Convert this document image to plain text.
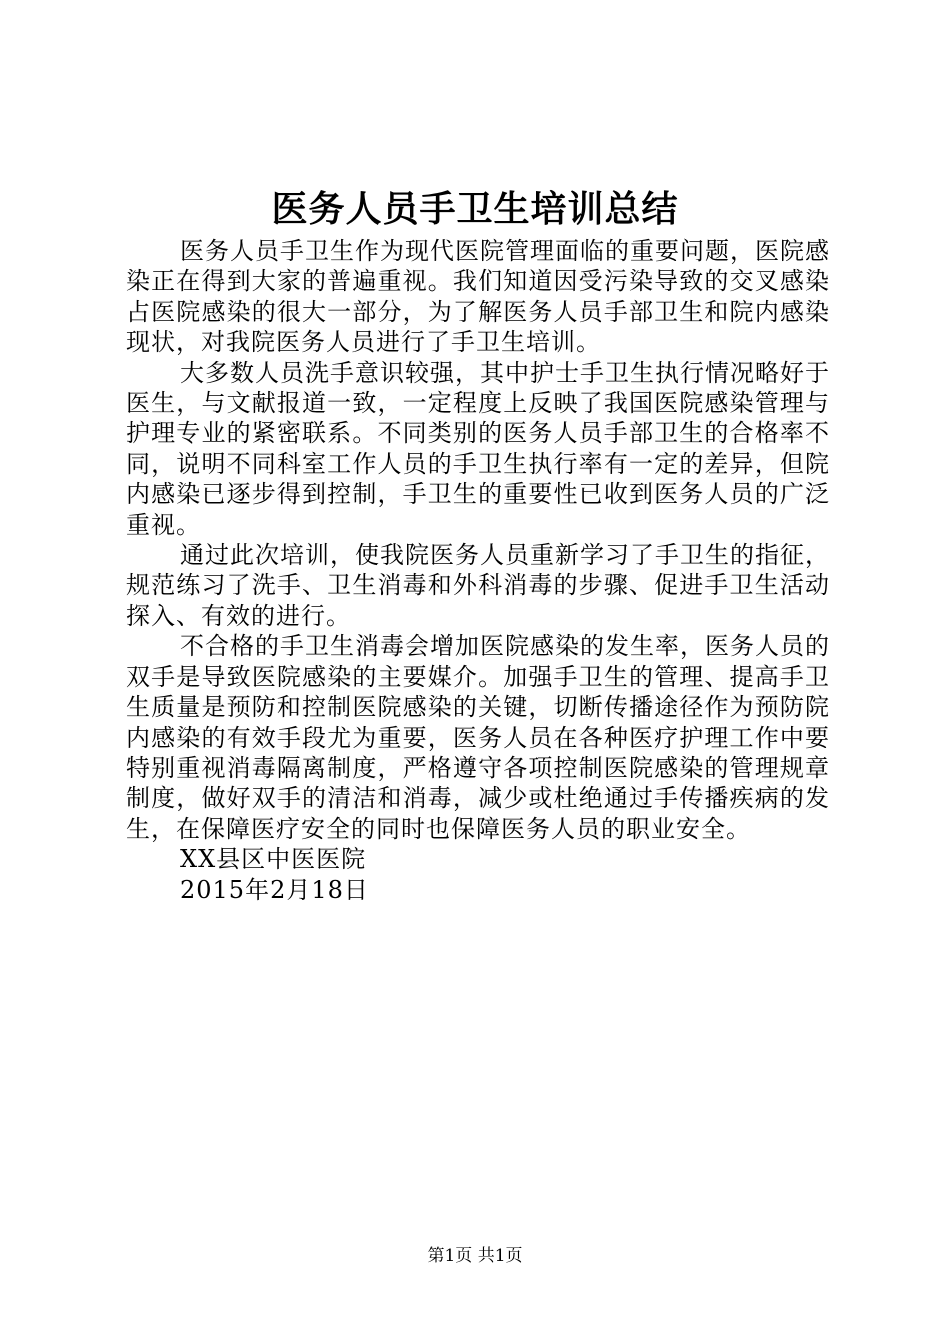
医务人员手卫生培训总结

医务人员手卫生作为现代医院管理面临的重要问题，医院感染正在得到大家的普遍重视。我们知道因受污染导致的交叉感染占医院感染的很大一部分，为了解医务人员手部卫生和院内感染现状，对我院医务人员进行了手卫生培训。

大多数人员洗手意识较强，其中护士手卫生执行情况略好于医生，与文献报道一致，一定程度上反映了我国医院感染管理与护理专业的紧密联系。不同类别的医务人员手部卫生的合格率不同，说明不同科室工作人员的手卫生执行率有一定的差异，但院内感染已逐步得到控制，手卫生的重要性已收到医务人员的广泛重视。

通过此次培训，使我院医务人员重新学习了手卫生的指征，规范练习了洗手、卫生消毒和外科消毒的步骤、促进手卫生活动探入、有效的进行。

不合格的手卫生消毒会增加医院感染的发生率，医务人员的双手是导致医院感染的主要媒介。加强手卫生的管理、提高手卫生质量是预防和控制医院感染的关键，切断传播途径作为预防院内感染的有效手段尤为重要，医务人员在各种医疗护理工作中要特别重视消毒隔离制度，严格遵守各项控制医院感染的管理规章制度，做好双手的清洁和消毒，减少或杜绝通过手传播疾病的发生，在保障医疗安全的同时也保障医务人员的职业安全。

XX县区中医医院

2015年2月18日

第1页 共1页
